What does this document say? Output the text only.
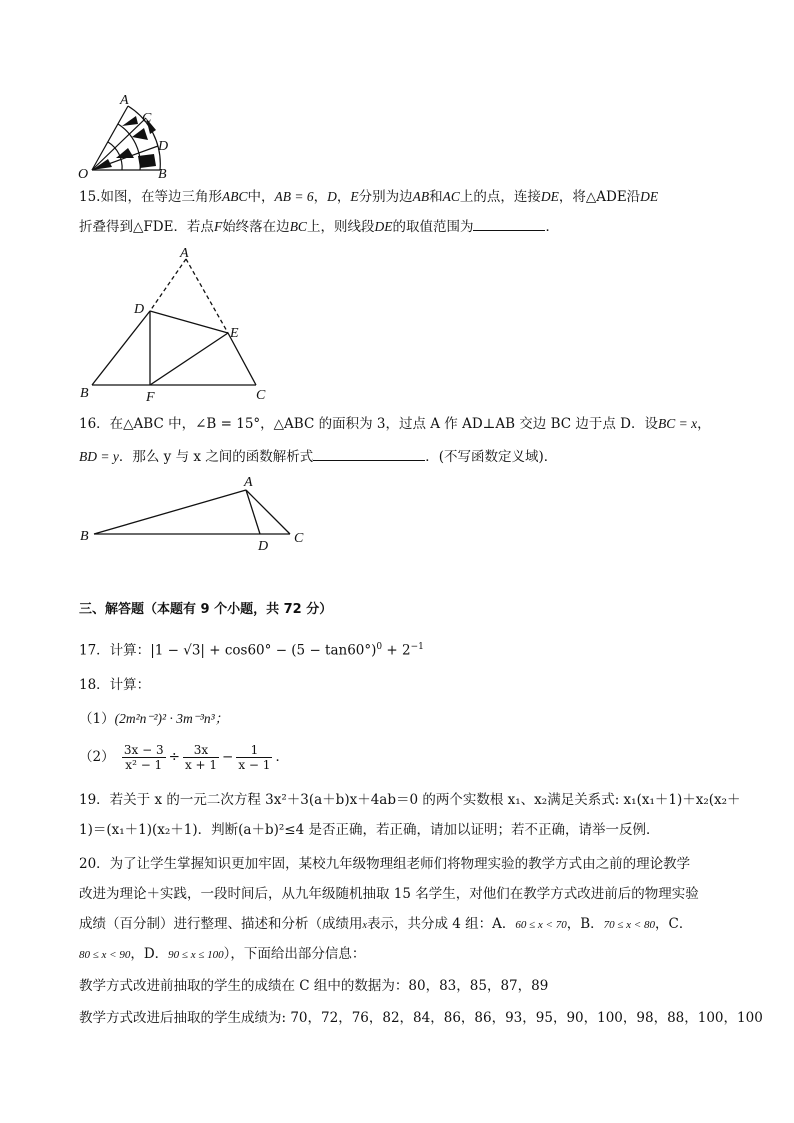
A
C
D
O	B
15.如图，在等边三角形ABC中，AB = 6，D，E分别为边AB和AC上的点，连接DE，将△ADE沿DE
折叠得到△FDE．若点F始终落在边BC上，则线段DE的取值范围为	．
A
D
E
B	F	C
16．在△ABC 中，∠B = 15°，△ABC 的面积为 3，过点 A 作 AD⊥AB 交边 BC 边于点 D．设BC = x，
BD = y．那么 y 与 x 之间的函数解析式	．(不写函数定义域)．
A
B
D
C
三、解答题（本题有 9 个小题，共 72 分）
17．计算：$|1 - √3| + \cos 60^\circ - (5 - \tan 60^\circ)^0 + 2^{-1}$
18．计算：
（1）(2m²n⁻²)² · 3m⁻³n³；
$(2) \frac{3x - 3}{\text{x² − 1}} \div \frac{3x}{x + 1} - \frac{1}{x - 1}$ ．
19．若关于 x 的一元二次方程 3x²＋3(a＋b)x＋4ab＝0 的两个实数根 x₁、x₂满足关系式: x₁(x₁＋1)＋x₂(x₂＋
1)＝(x₁＋1)(x₂＋1)．判断(a＋b)²≤4 是否正确，若正确，请加以证明；若不正确，请举一反例．
20．为了让学生掌握知识更加牢固，某校九年级物理组老师们将物理实验的教学方式由之前的理论教学
改进为理论＋实践，一段时间后，从九年级随机抽取 15 名学生，对他们在教学方式改进前后的物理实验
成绩（百分制）进行整理、描述和分析（成绩用x表示，共分成 4 组：A．60 ≤ x < 70，B．70 ≤ x < 80，C．
80 ≤ x < 90，D．90 ≤ x ≤ 100），下面给出部分信息：
教学方式改进前抽取的学生的成绩在 C 组中的数据为：80，83，85，87，89
教学方式改进后抽取的学生成绩为: 70，72，76，82，84，86，86，93，95，90，100，98，88，100，100
